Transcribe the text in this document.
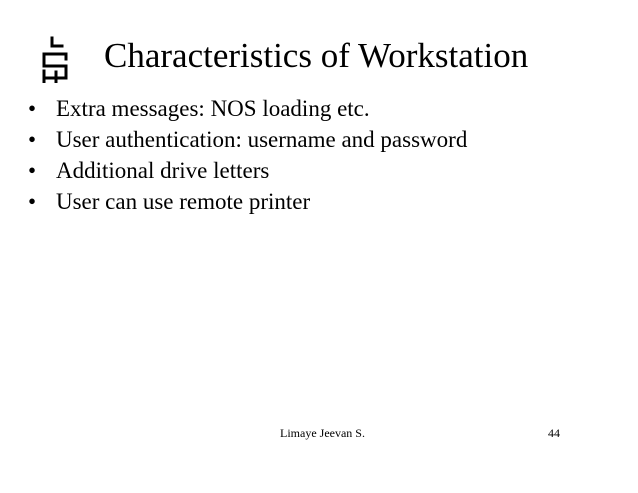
Characteristics of Workstation
• Extra messages: NOS loading etc.
• User authentication: username and password
• Additional drive letters
• User can use remote printer
Limaye Jeevan S.	44
